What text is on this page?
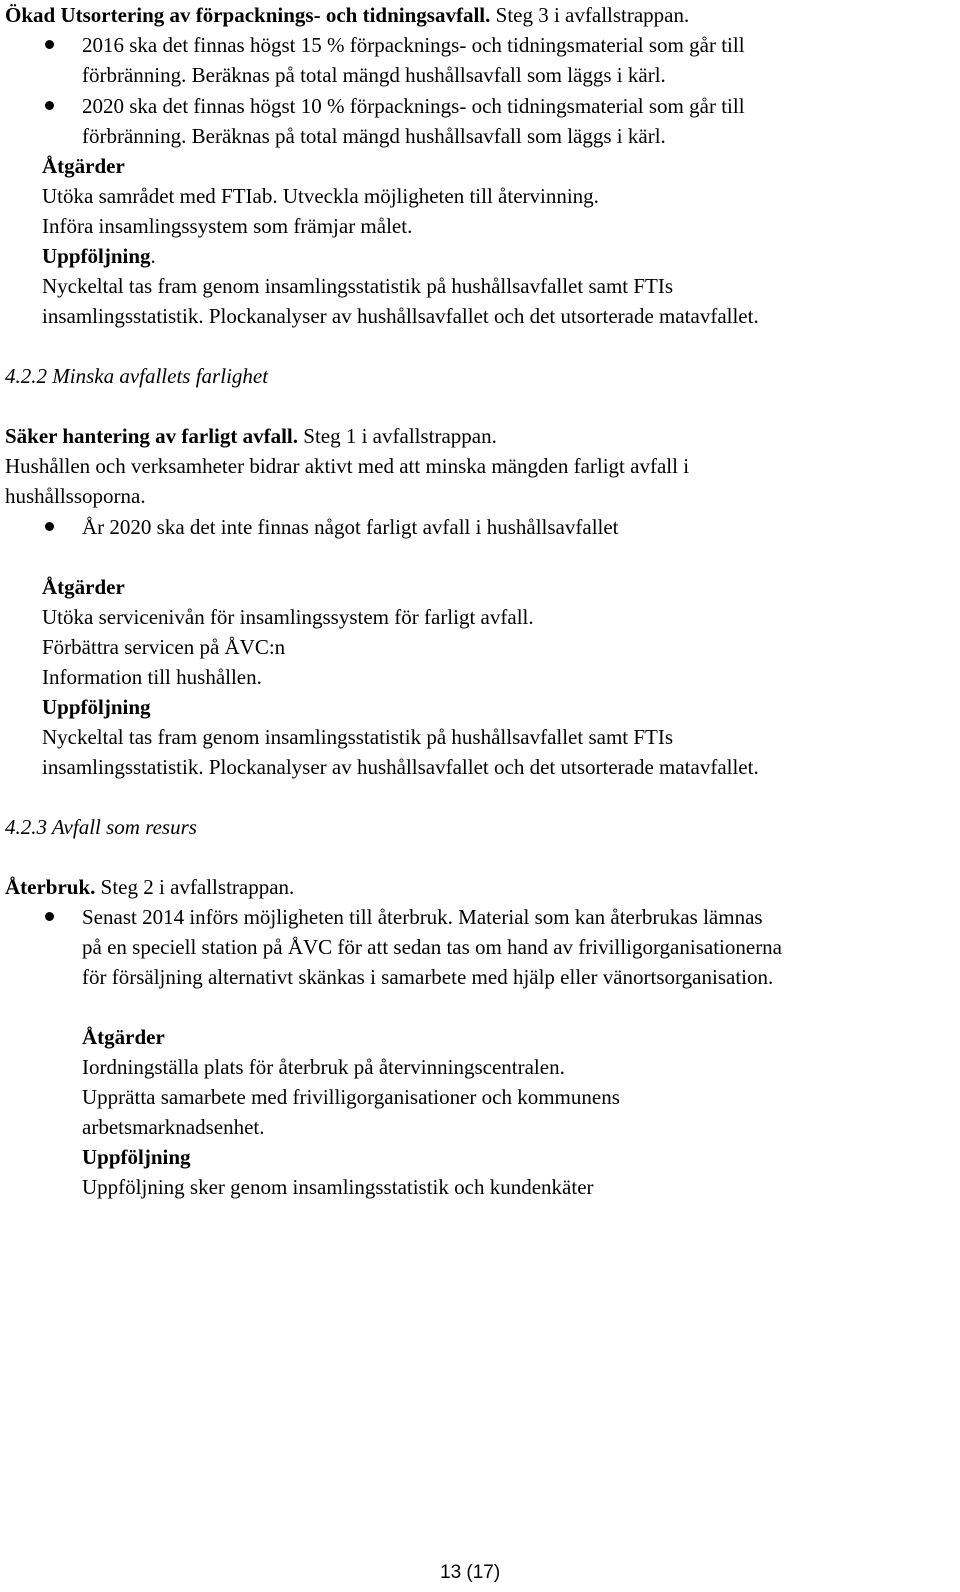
Ökad Utsortering av förpacknings- och tidningsavfall. Steg 3 i avfallstrappan.
2016 ska det finnas högst 15 % förpacknings- och tidningsmaterial som går till
förbränning. Beräknas på total mängd hushållsavfall som läggs i kärl.
2020 ska det finnas högst 10 % förpacknings- och tidningsmaterial som går till
förbränning. Beräknas på total mängd hushållsavfall som läggs i kärl.
Åtgärder
Utöka samrådet med FTIab. Utveckla möjligheten till återvinning.
Införa insamlingssystem som främjar målet.
Uppföljning.
Nyckeltal tas fram genom insamlingsstatistik på hushållsavfallet samt FTIs
insamlingsstatistik. Plockanalyser av hushållsavfallet och det utsorterade matavfallet.
4.2.2 Minska avfallets farlighet
Säker hantering av farligt avfall. Steg 1 i avfallstrappan.
Hushållen och verksamheter bidrar aktivt med att minska mängden farligt avfall i
hushållssoporna.
År 2020 ska det inte finnas något farligt avfall i hushållsavfallet
Åtgärder
Utöka servicenivån för insamlingssystem för farligt avfall.
Förbättra servicen på ÅVC:n
Information till hushållen.
Uppföljning
Nyckeltal tas fram genom insamlingsstatistik på hushållsavfallet samt FTIs
insamlingsstatistik. Plockanalyser av hushållsavfallet och det utsorterade matavfallet.
4.2.3 Avfall som resurs
Återbruk. Steg 2 i avfallstrappan.
Senast 2014 införs möjligheten till återbruk. Material som kan återbrukas lämnas
på en speciell station på ÅVC för att sedan tas om hand av frivilligorganisationerna
för försäljning alternativt skänkas i samarbete med hjälp eller vänortsorganisation.
Åtgärder
Iordningställa plats för återbruk på återvinningscentralen.
Upprätta samarbete med frivilligorganisationer och kommunens
arbetsmarknadsenhet.
Uppföljning
Uppföljning sker genom insamlingsstatistik och kundenkäter
13 (17)
